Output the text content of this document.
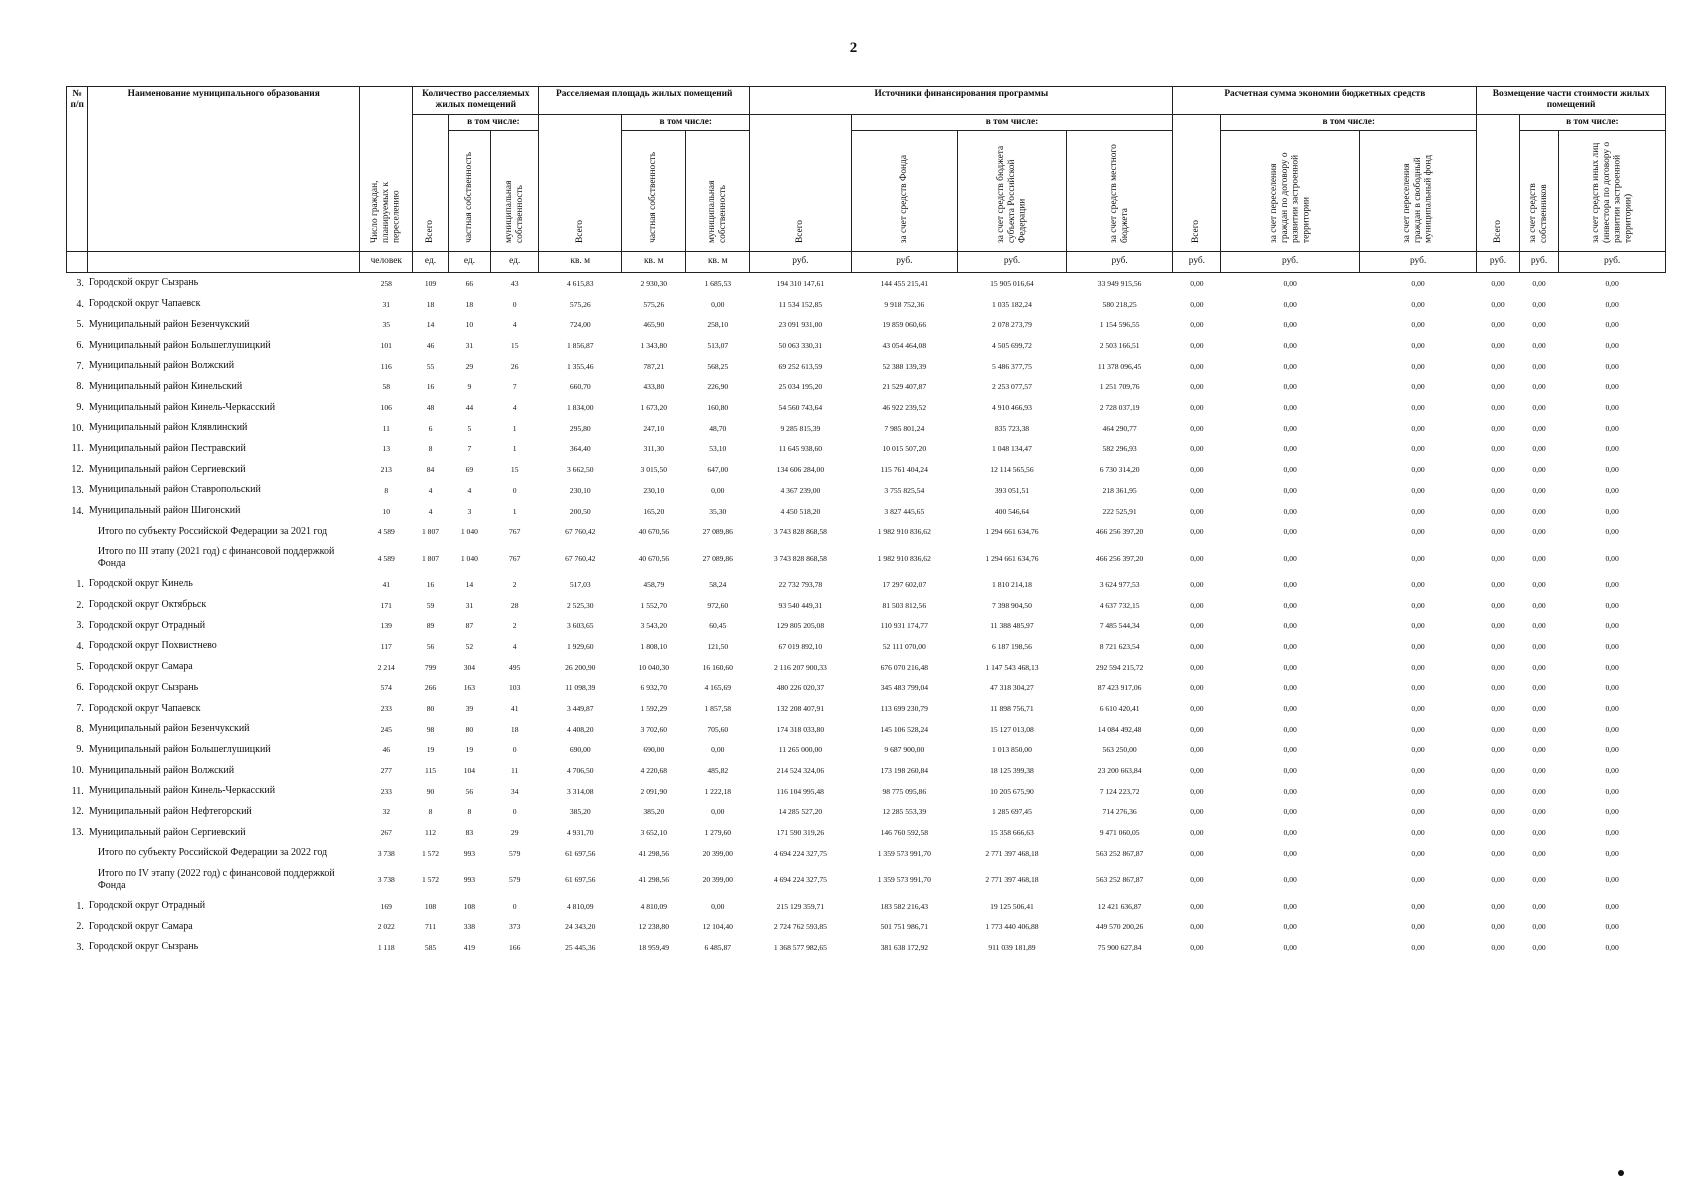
2
№ п/п	Наименование муниципального образования	Число граждан, планируемых к переселению	Количество расселяемых жилых помещений			Расселяемая площадь жилых помещений			Источники финансирования программы				Расчетная сумма экономии бюджетных средств			Возмещение части стоимости жилых помещений		
			Всего	в том числе:		Всего	в том числе:		Всего	в том числе:			Всего	в том числе:		Всего	в том числе:	
				частная собственность	муниципальная собственность		частная собственность	муниципальная собственность		за счет средств Фонда	за счет средств бюджета субъекта Российской Федерации	за счет средств местного бюджета		за счет переселения граждан по договору о развитии застроенной территории	за счет переселения граждан в свободный муниципальный фонд		за счет средств собственников	за счет средств иных лиц (инвестора по договору о развитии застроенной территории)
		человек	ед.	ед.	ед.	кв. м	кв. м	кв. м	руб.	руб.	руб.	руб.	руб.	руб.	руб.	руб.	руб.	руб.
3.	Городской округ Сызрань	258	109	66	43	4 615,83	2 930,30	1 685,53	194 310 147,61	144 455 215,41	15 905 016,64	33 949 915,56	0,00	0,00	0,00	0,00	0,00	0,00
4.	Городской округ Чапаевск	31	18	18	0	575,26	575,26	0,00	11 534 152,85	9 918 752,36	1 035 182,24	580 218,25	0,00	0,00	0,00	0,00	0,00	0,00
5.	Муниципальный район Безенчукский	35	14	10	4	724,00	465,90	258,10	23 091 931,00	19 859 060,66	2 078 273,79	1 154 596,55	0,00	0,00	0,00	0,00	0,00	0,00
6.	Муниципальный район Большеглушицкий	101	46	31	15	1 856,87	1 343,80	513,07	50 063 330,31	43 054 464,08	4 505 699,72	2 503 166,51	0,00	0,00	0,00	0,00	0,00	0,00
7.	Муниципальный район Волжский	116	55	29	26	1 355,46	787,21	568,25	69 252 613,59	52 388 139,39	5 486 377,75	11 378 096,45	0,00	0,00	0,00	0,00	0,00	0,00
8.	Муниципальный район Кинельский	58	16	9	7	660,70	433,80	226,90	25 034 195,20	21 529 407,87	2 253 077,57	1 251 709,76	0,00	0,00	0,00	0,00	0,00	0,00
9.	Муниципальный район Кинель-Черкасский	106	48	44	4	1 834,00	1 673,20	160,80	54 560 743,64	46 922 239,52	4 910 466,93	2 728 037,19	0,00	0,00	0,00	0,00	0,00	0,00
10.	Муниципальный район Клявлинский	11	6	5	1	295,80	247,10	48,70	9 285 815,39	7 985 801,24	835 723,38	464 290,77	0,00	0,00	0,00	0,00	0,00	0,00
11.	Муниципальный район Пестравский	13	8	7	1	364,40	311,30	53,10	11 645 938,60	10 015 507,20	1 048 134,47	582 296,93	0,00	0,00	0,00	0,00	0,00	0,00
12.	Муниципальный район Сергиевский	213	84	69	15	3 662,50	3 015,50	647,00	134 606 284,00	115 761 404,24	12 114 565,56	6 730 314,20	0,00	0,00	0,00	0,00	0,00	0,00
13.	Муниципальный район Ставропольский	8	4	4	0	230,10	230,10	0,00	4 367 239,00	3 755 825,54	393 051,51	218 361,95	0,00	0,00	0,00	0,00	0,00	0,00
14.	Муниципальный район Шигонский	10	4	3	1	200,50	165,20	35,30	4 450 518,20	3 827 445,65	400 546,64	222 525,91	0,00	0,00	0,00	0,00	0,00	0,00
	Итого по субъекту Российской Федерации за 2021 год	4 589	1 807	1 040	767	67 760,42	40 670,56	27 089,86	3 743 828 868,58	1 982 910 836,62	1 294 661 634,76	466 256 397,20	0,00	0,00	0,00	0,00	0,00	0,00
	Итого по III этапу (2021 год) с финансовой поддержкой Фонда	4 589	1 807	1 040	767	67 760,42	40 670,56	27 089,86	3 743 828 868,58	1 982 910 836,62	1 294 661 634,76	466 256 397,20	0,00	0,00	0,00	0,00	0,00	0,00
1.	Городской округ Кинель	41	16	14	2	517,03	458,79	58,24	22 732 793,78	17 297 602,07	1 810 214,18	3 624 977,53	0,00	0,00	0,00	0,00	0,00	0,00
2.	Городской округ Октябрьск	171	59	31	28	2 525,30	1 552,70	972,60	93 540 449,31	81 503 812,56	7 398 904,50	4 637 732,15	0,00	0,00	0,00	0,00	0,00	0,00
3.	Городской округ Отрадный	139	89	87	2	3 603,65	3 543,20	60,45	129 805 205,08	110 931 174,77	11 388 485,97	7 485 544,34	0,00	0,00	0,00	0,00	0,00	0,00
4.	Городской округ Похвистнево	117	56	52	4	1 929,60	1 808,10	121,50	67 019 892,10	52 111 070,00	6 187 198,56	8 721 623,54	0,00	0,00	0,00	0,00	0,00	0,00
5.	Городской округ Самара	2 214	799	304	495	26 200,90	10 040,30	16 160,60	2 116 207 900,33	676 070 216,48	1 147 543 468,13	292 594 215,72	0,00	0,00	0,00	0,00	0,00	0,00
6.	Городской округ Сызрань	574	266	163	103	11 098,39	6 932,70	4 165,69	480 226 020,37	345 483 799,04	47 318 304,27	87 423 917,06	0,00	0,00	0,00	0,00	0,00	0,00
7.	Городской округ Чапаевск	233	80	39	41	3 449,87	1 592,29	1 857,58	132 208 407,91	113 699 230,79	11 898 756,71	6 610 420,41	0,00	0,00	0,00	0,00	0,00	0,00
8.	Муниципальный район Безенчукский	245	98	80	18	4 408,20	3 702,60	705,60	174 318 033,80	145 106 528,24	15 127 013,08	14 084 492,48	0,00	0,00	0,00	0,00	0,00	0,00
9.	Муниципальный район Большеглушицкий	46	19	19	0	690,00	690,00	0,00	11 265 000,00	9 687 900,00	1 013 850,00	563 250,00	0,00	0,00	0,00	0,00	0,00	0,00
10.	Муниципальный район Волжский	277	115	104	11	4 706,50	4 220,68	485,82	214 524 324,06	173 198 260,84	18 125 399,38	23 200 663,84	0,00	0,00	0,00	0,00	0,00	0,00
11.	Муниципальный район Кинель-Черкасский	233	90	56	34	3 314,08	2 091,90	1 222,18	116 104 995,48	98 775 095,86	10 205 675,90	7 124 223,72	0,00	0,00	0,00	0,00	0,00	0,00
12.	Муниципальный район Нефтегорский	32	8	8	0	385,20	385,20	0,00	14 285 527,20	12 285 553,39	1 285 697,45	714 276,36	0,00	0,00	0,00	0,00	0,00	0,00
13.	Муниципальный район Сергиевский	267	112	83	29	4 931,70	3 652,10	1 279,60	171 590 319,26	146 760 592,58	15 358 666,63	9 471 060,05	0,00	0,00	0,00	0,00	0,00	0,00
	Итого по субъекту Российской Федерации за 2022 год	3 738	1 572	993	579	61 697,56	41 298,56	20 399,00	4 694 224 327,75	1 359 573 991,70	2 771 397 468,18	563 252 867,87	0,00	0,00	0,00	0,00	0,00	0,00
	Итого по IV этапу (2022 год) с финансовой поддержкой Фонда	3 738	1 572	993	579	61 697,56	41 298,56	20 399,00	4 694 224 327,75	1 359 573 991,70	2 771 397 468,18	563 252 867,87	0,00	0,00	0,00	0,00	0,00	0,00
1.	Городской округ Отрадный	169	108	108	0	4 810,09	4 810,09	0,00	215 129 359,71	183 582 216,43	19 125 506,41	12 421 636,87	0,00	0,00	0,00	0,00	0,00	0,00
2.	Городской округ Самара	2 022	711	338	373	24 343,20	12 238,80	12 104,40	2 724 762 593,85	501 751 986,71	1 773 440 406,88	449 570 200,26	0,00	0,00	0,00	0,00	0,00	0,00
3.	Городской округ Сызрань	1 118	585	419	166	25 445,36	18 959,49	6 485,87	1 368 577 982,65	381 638 172,92	911 039 181,89	75 900 627,84	0,00	0,00	0,00	0,00	0,00	0,00
